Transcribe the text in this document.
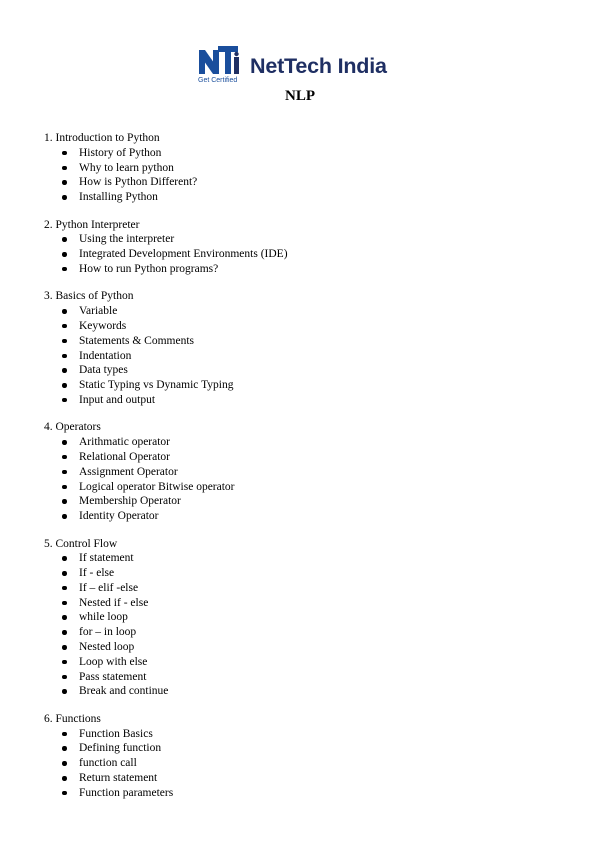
Get Certified
NetTech India
NLP
1. Introduction to Python
History of Python
Why to learn python
How is Python Different?
Installing Python
2. Python Interpreter
Using the interpreter
Integrated Development Environments (IDE)
How to run Python programs?
3. Basics of Python
Variable
Keywords
Statements & Comments
Indentation
Data types
Static Typing vs Dynamic Typing
Input and output
4. Operators
Arithmatic operator
Relational Operator
Assignment Operator
Logical operator Bitwise operator
Membership Operator
Identity Operator
5. Control Flow
If statement
If - else
If – elif -else
Nested if - else
while loop
for – in loop
Nested loop
Loop with else
Pass statement
Break and continue
6. Functions
Function Basics
Defining function
function call
Return statement
Function parameters
